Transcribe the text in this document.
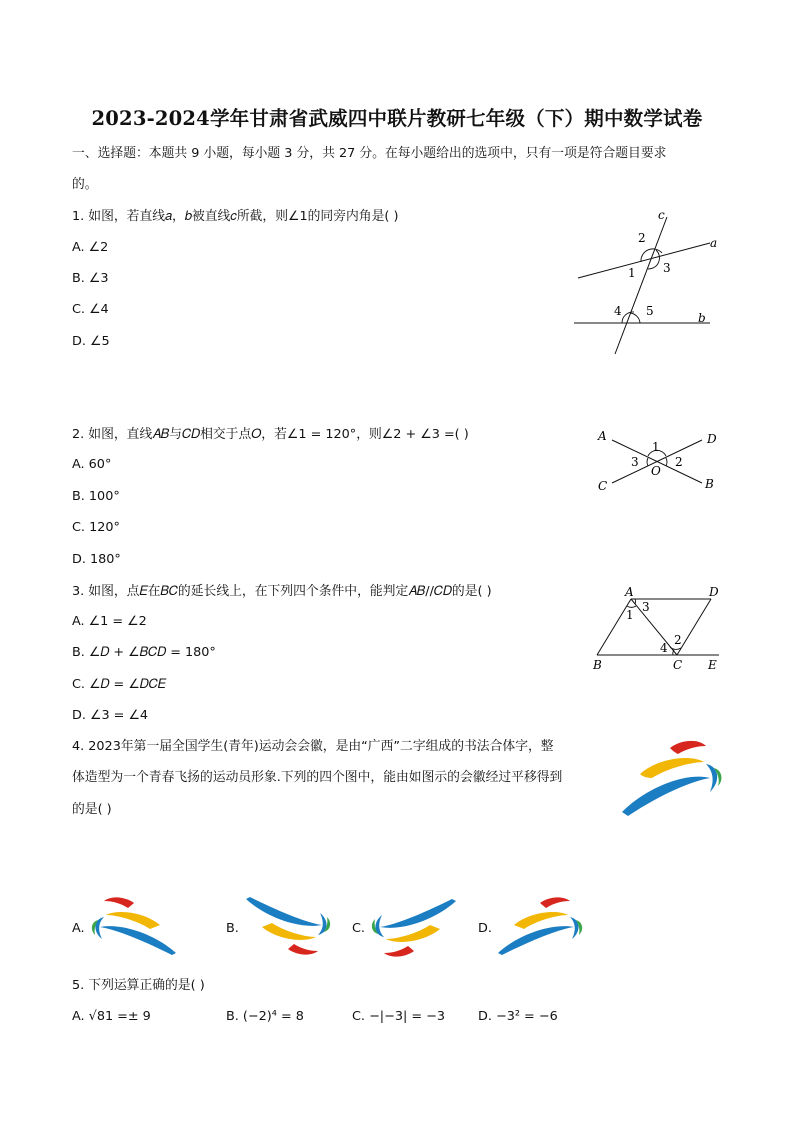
2023-2024学年甘肃省武威四中联片教研七年级（下）期中数学试卷
一、选择题：本题共 9 小题，每小题 3 分，共 27 分。在每小题给出的选项中，只有一项是符合题目要求
的。
1. 如图，若直线𝑎，𝑏被直线𝑐所截，则∠1的同旁内角是( )
A. ∠2
B. ∠3
C. ∠4
D. ∠5
c
a
b
2
1 3
4 5
2. 如图，直线𝐴𝐵与𝐶𝐷相交于点𝑂，若∠1 = 120°，则∠2 + ∠3 =( )
A. 60°
B. 100°
C. 120°
D. 180°
A	D
C	B
O
1
2
3
3. 如图，点𝐸在𝐵𝐶的延长线上，在下列四个条件中，能判定𝐴𝐵//𝐶𝐷的是( )
A. ∠1 = ∠2
B. ∠𝐷 + ∠𝐵𝐶𝐷 = 180°
C. ∠𝐷 = ∠𝐷𝐶𝐸
D. ∠3 = ∠4
A	D
B	C E
1
3
2
4
4. 2023年第一届全国学生(青年)运动会会徽，是由“广西”二字组成的书法合体字，整
体造型为一个青春飞扬的运动员形象.下列的四个图中，能由如图示的会徽经过平移得到
的是( )
A.	B.	C.	D.
5. 下列运算正确的是( )
A. √81 =± 9	B. (−2)⁴ = 8	C. −|−3| = −3	D. −3² = −6
